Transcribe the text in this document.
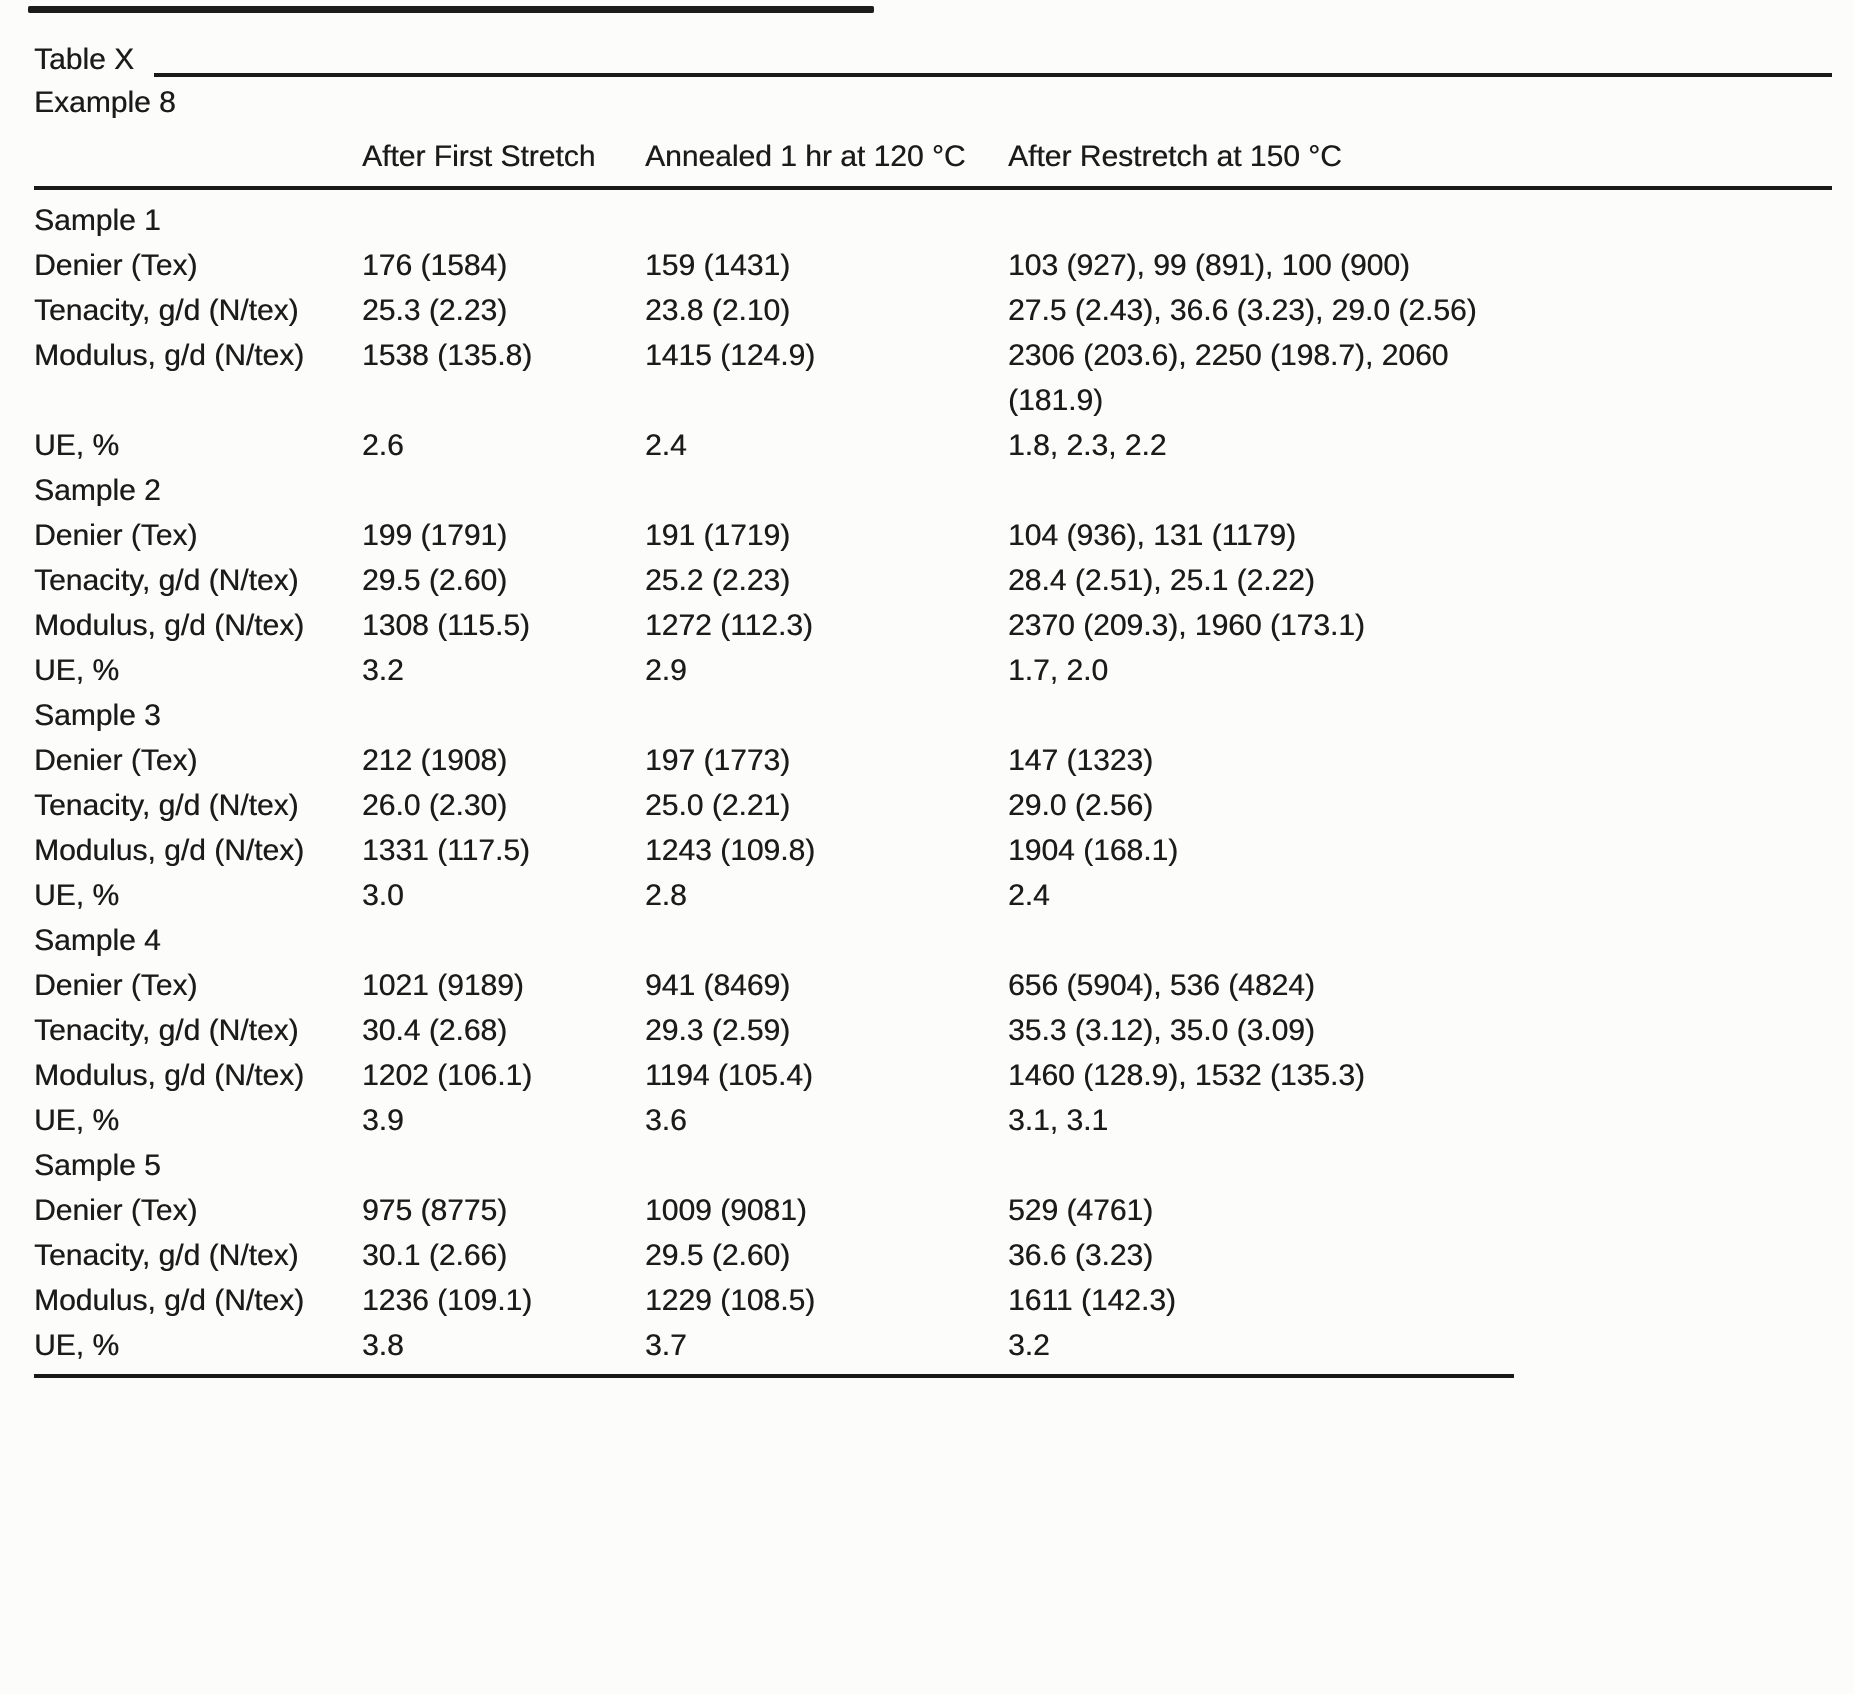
Table X
Example 8
After First Stretch	Annealed 1 hr at 120 °C	After Restretch at 150 °C
Sample 1
Denier (Tex)	176 (1584)	159 (1431)	103 (927), 99 (891), 100 (900)
Tenacity, g/d (N/tex)	25.3 (2.23)	23.8 (2.10)	27.5 (2.43), 36.6 (3.23), 29.0 (2.56)
Modulus, g/d (N/tex)	1538 (135.8)	1415 (124.9)	2306 (203.6), 2250 (198.7), 2060
(181.9)
UE, %	2.6	2.4	1.8, 2.3, 2.2
Sample 2
Denier (Tex)	199 (1791)	191 (1719)	104 (936), 131 (1179)
Tenacity, g/d (N/tex)	29.5 (2.60)	25.2 (2.23)	28.4 (2.51), 25.1 (2.22)
Modulus, g/d (N/tex)	1308 (115.5)	1272 (112.3)	2370 (209.3), 1960 (173.1)
UE, %	3.2	2.9	1.7, 2.0
Sample 3
Denier (Tex)	212 (1908)	197 (1773)	147 (1323)
Tenacity, g/d (N/tex)	26.0 (2.30)	25.0 (2.21)	29.0 (2.56)
Modulus, g/d (N/tex)	1331 (117.5)	1243 (109.8)	1904 (168.1)
UE, %	3.0	2.8	2.4
Sample 4
Denier (Tex)	1021 (9189)	941 (8469)	656 (5904), 536 (4824)
Tenacity, g/d (N/tex)	30.4 (2.68)	29.3 (2.59)	35.3 (3.12), 35.0 (3.09)
Modulus, g/d (N/tex)	1202 (106.1)	1194 (105.4)	1460 (128.9), 1532 (135.3)
UE, %	3.9	3.6	3.1, 3.1
Sample 5
Denier (Tex)	975 (8775)	1009 (9081)	529 (4761)
Tenacity, g/d (N/tex)	30.1 (2.66)	29.5 (2.60)	36.6 (3.23)
Modulus, g/d (N/tex)	1236 (109.1)	1229 (108.5)	1611 (142.3)
UE, %	3.8	3.7	3.2
